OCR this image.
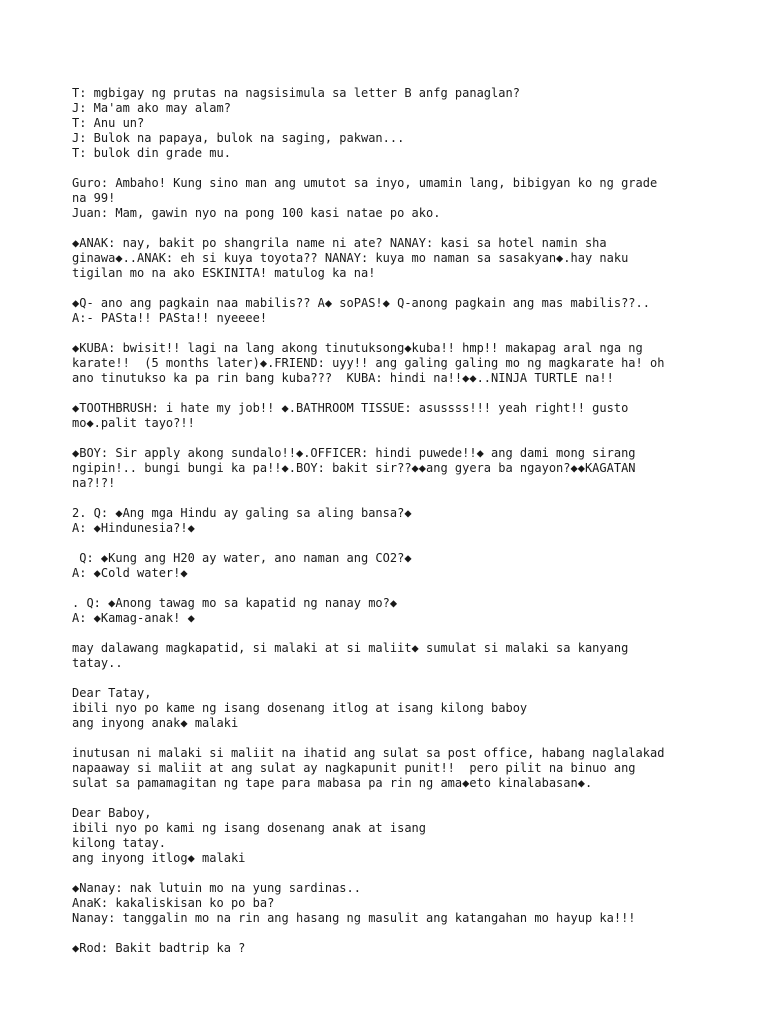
T: mgbigay ng prutas na nagsisimula sa letter B anfg panaglan?
J: Ma'am ako may alam?
T: Anu un?
J: Bulok na papaya, bulok na saging, pakwan...
T: bulok din grade mu.
Guro: Ambaho! Kung sino man ang umutot sa inyo, umamin lang, bibigyan ko ng grade
na 99!
Juan: Mam, gawin nyo na pong 100 kasi natae po ako.
◆ANAK: nay, bakit po shangrila name ni ate? NANAY: kasi sa hotel namin sha
ginawa◆..ANAK: eh si kuya toyota?? NANAY: kuya mo naman sa sasakyan◆.hay naku
tigilan mo na ako ESKINITA! matulog ka na!
◆Q- ano ang pagkain naa mabilis?? A◆ soPAS!◆ Q-anong pagkain ang mas mabilis??..
A:- PASta!! PASta!! nyeeee!
◆KUBA: bwisit!! lagi na lang akong tinutuksong◆kuba!! hmp!! makapag aral nga ng
karate!!  (5 months later)◆.FRIEND: uyy!! ang galing galing mo ng magkarate ha! oh
ano tinutukso ka pa rin bang kuba???  KUBA: hindi na!!◆◆..NINJA TURTLE na!!
◆TOOTHBRUSH: i hate my job!! ◆.BATHROOM TISSUE: asussss!!! yeah right!! gusto
mo◆.palit tayo?!!
◆BOY: Sir apply akong sundalo!!◆.OFFICER: hindi puwede!!◆ ang dami mong sirang
ngipin!.. bungi bungi ka pa!!◆.BOY: bakit sir??◆◆ang gyera ba ngayon?◆◆KAGATAN
na?!?!
2. Q: ◆Ang mga Hindu ay galing sa aling bansa?◆
A: ◆Hindunesia?!◆
Q: ◆Kung ang H20 ay water, ano naman ang CO2?◆
A: ◆Cold water!◆
. Q: ◆Anong tawag mo sa kapatid ng nanay mo?◆
A: ◆Kamag-anak! ◆
may dalawang magkapatid, si malaki at si maliit◆ sumulat si malaki sa kanyang
tatay..
Dear Tatay,
ibili nyo po kame ng isang dosenang itlog at isang kilong baboy
ang inyong anak◆ malaki
inutusan ni malaki si maliit na ihatid ang sulat sa post office, habang naglalakad
napaaway si maliit at ang sulat ay nagkapunit punit!!  pero pilit na binuo ang
sulat sa pamamagitan ng tape para mabasa pa rin ng ama◆eto kinalabasan◆.
Dear Baboy,
ibili nyo po kami ng isang dosenang anak at isang
kilong tatay.
ang inyong itlog◆ malaki
◆Nanay: nak lutuin mo na yung sardinas..
AnaK: kakaliskisan ko po ba?
Nanay: tanggalin mo na rin ang hasang ng masulit ang katangahan mo hayup ka!!!
◆Rod: Bakit badtrip ka ?
